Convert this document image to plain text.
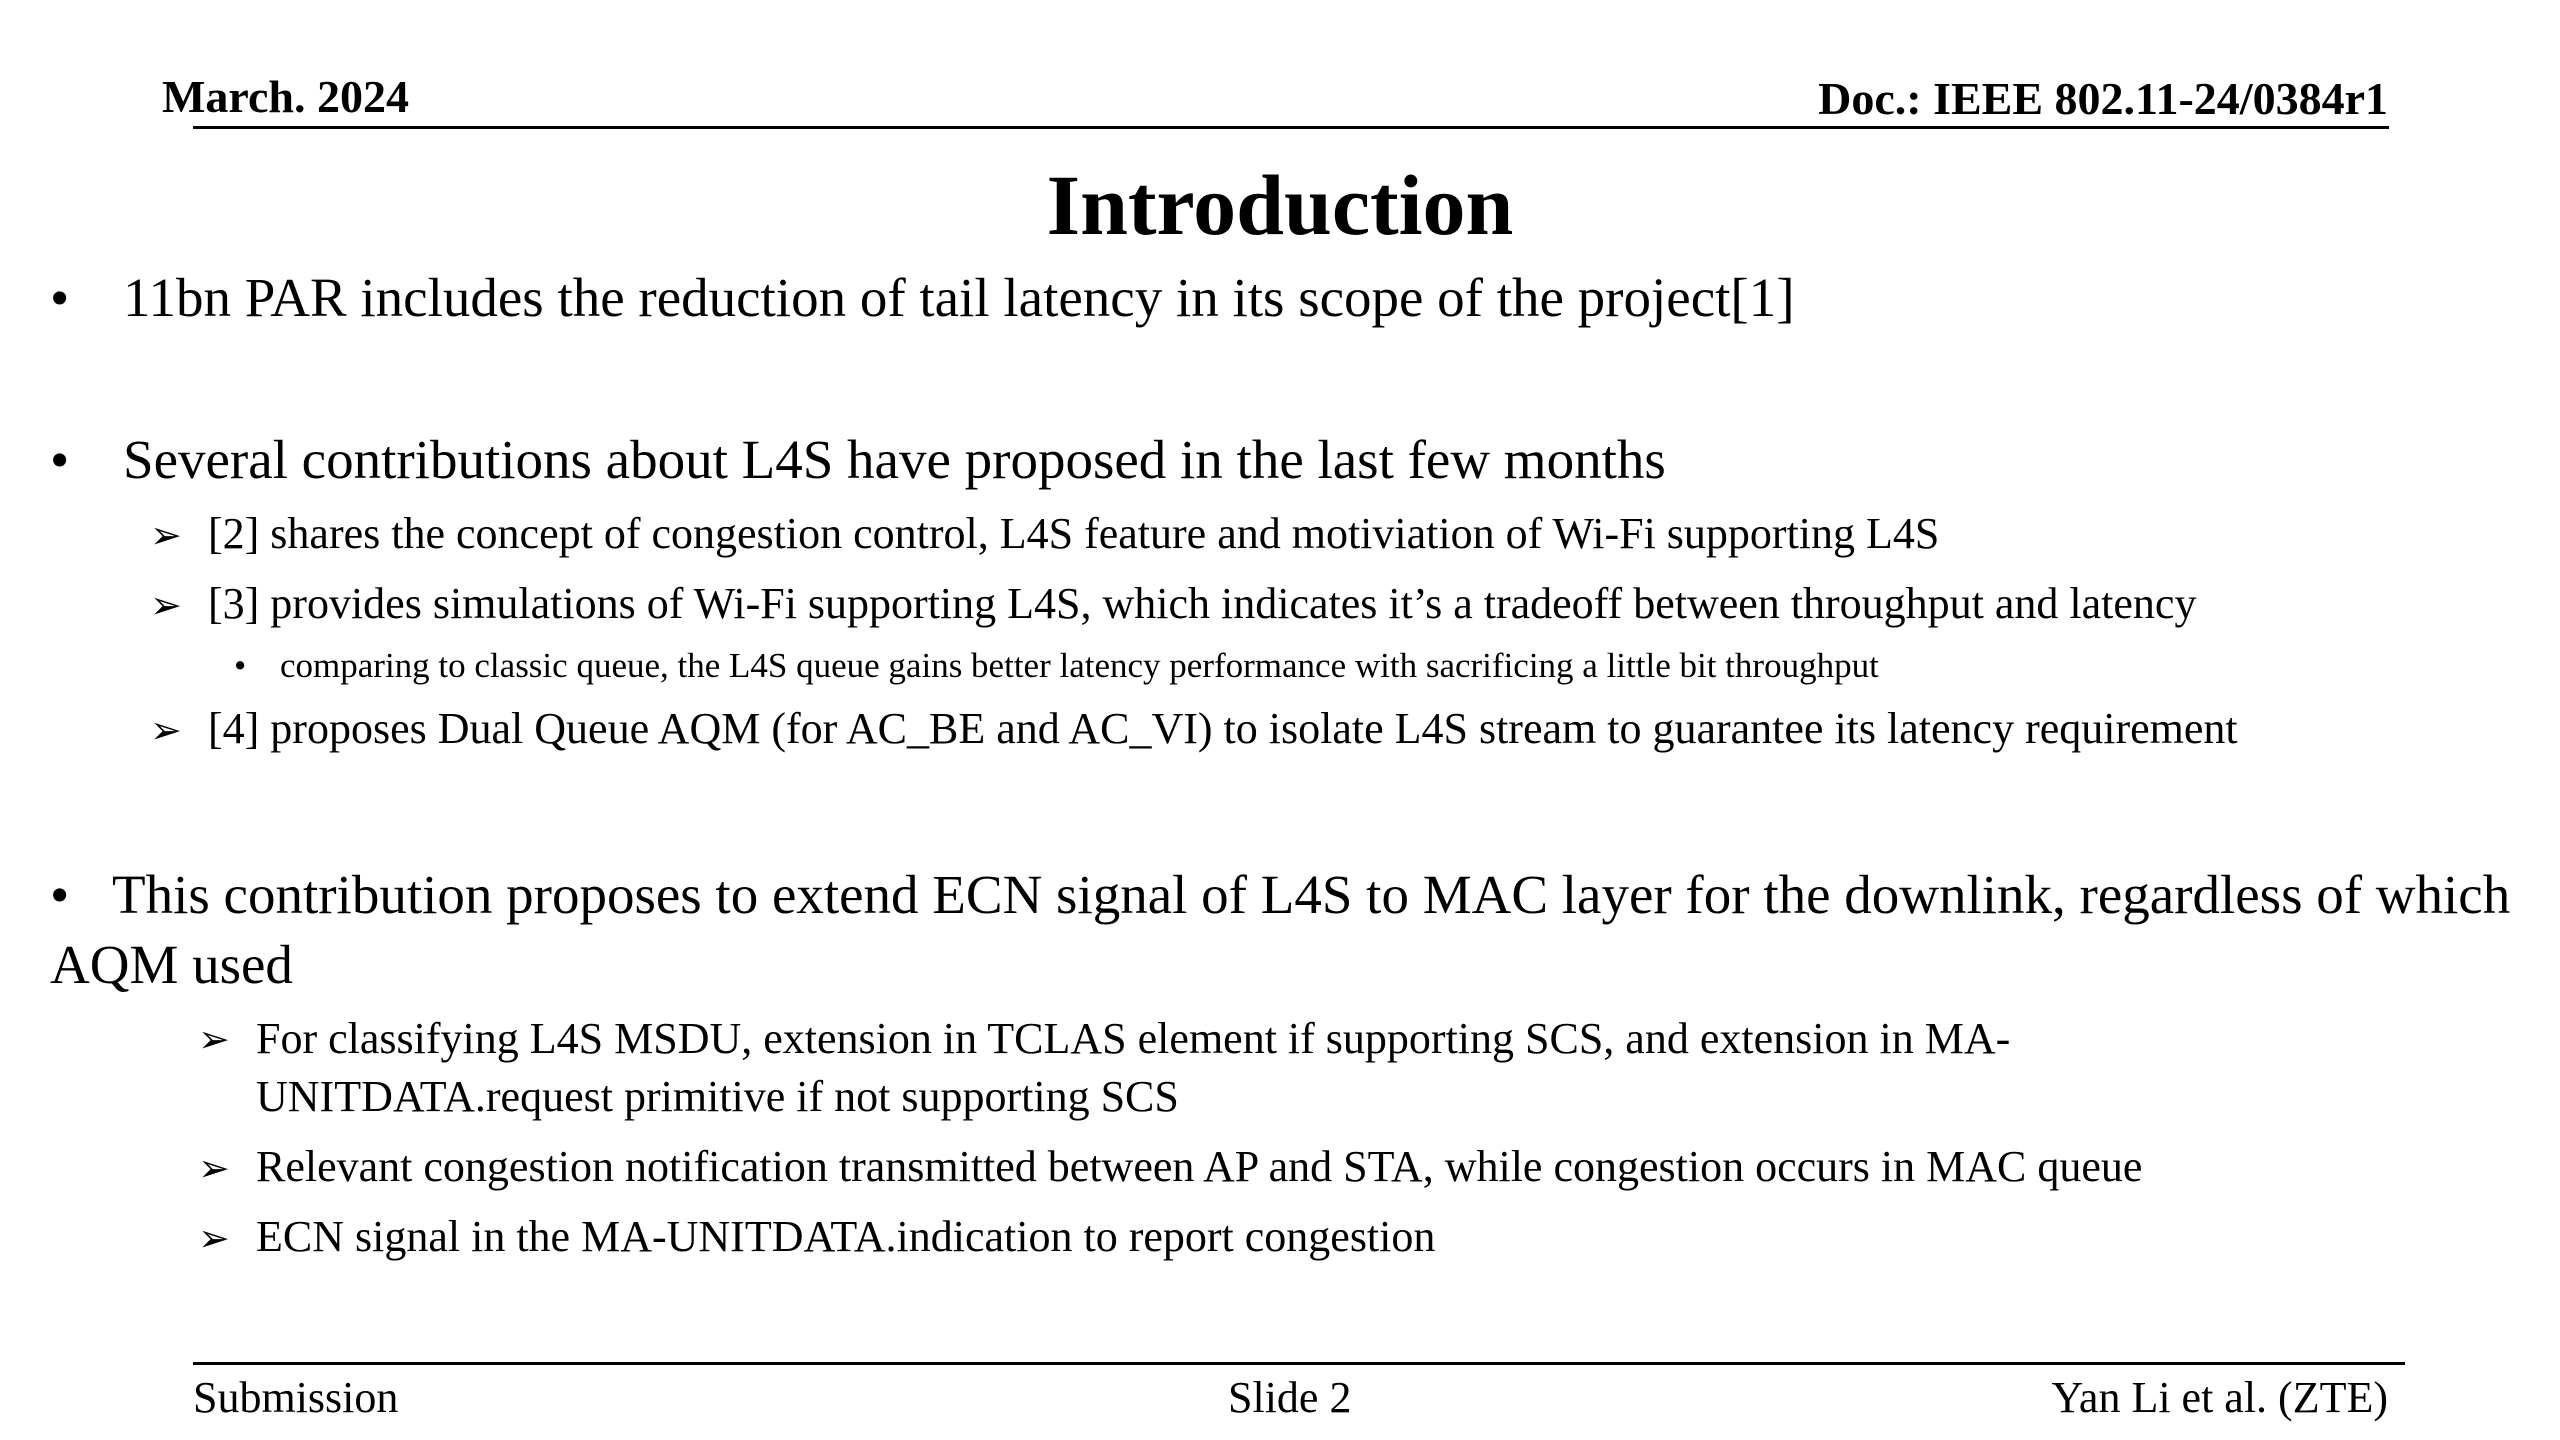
March. 2024	Doc.: IEEE 802.11-24/0384r1
Introduction
• 11bn PAR includes the reduction of tail latency in its scope of the project[1]
• Several contributions about L4S have proposed in the last few months
➢ [2] shares the concept of congestion control, L4S feature and motiviation of Wi-Fi supporting L4S
➢ [3] provides simulations of Wi-Fi supporting L4S, which indicates it’s a tradeoff between throughput and latency
• comparing to classic queue, the L4S queue gains better latency performance with sacrificing a little bit throughput
➢ [4] proposes Dual Queue AQM (for AC_BE and AC_VI) to isolate L4S stream to guarantee its latency requirement
• This contribution proposes to extend ECN signal of L4S to MAC layer for the downlink, regardless of which AQM used
➢ For classifying L4S MSDU, extension in TCLAS element if supporting SCS, and extension in MA-UNITDATA.request primitive if not supporting SCS
➢ Relevant congestion notification transmitted between AP and STA, while congestion occurs in MAC queue
➢ ECN signal in the MA-UNITDATA.indication to report congestion
Submission	Slide 2	Yan Li et al. (ZTE)
